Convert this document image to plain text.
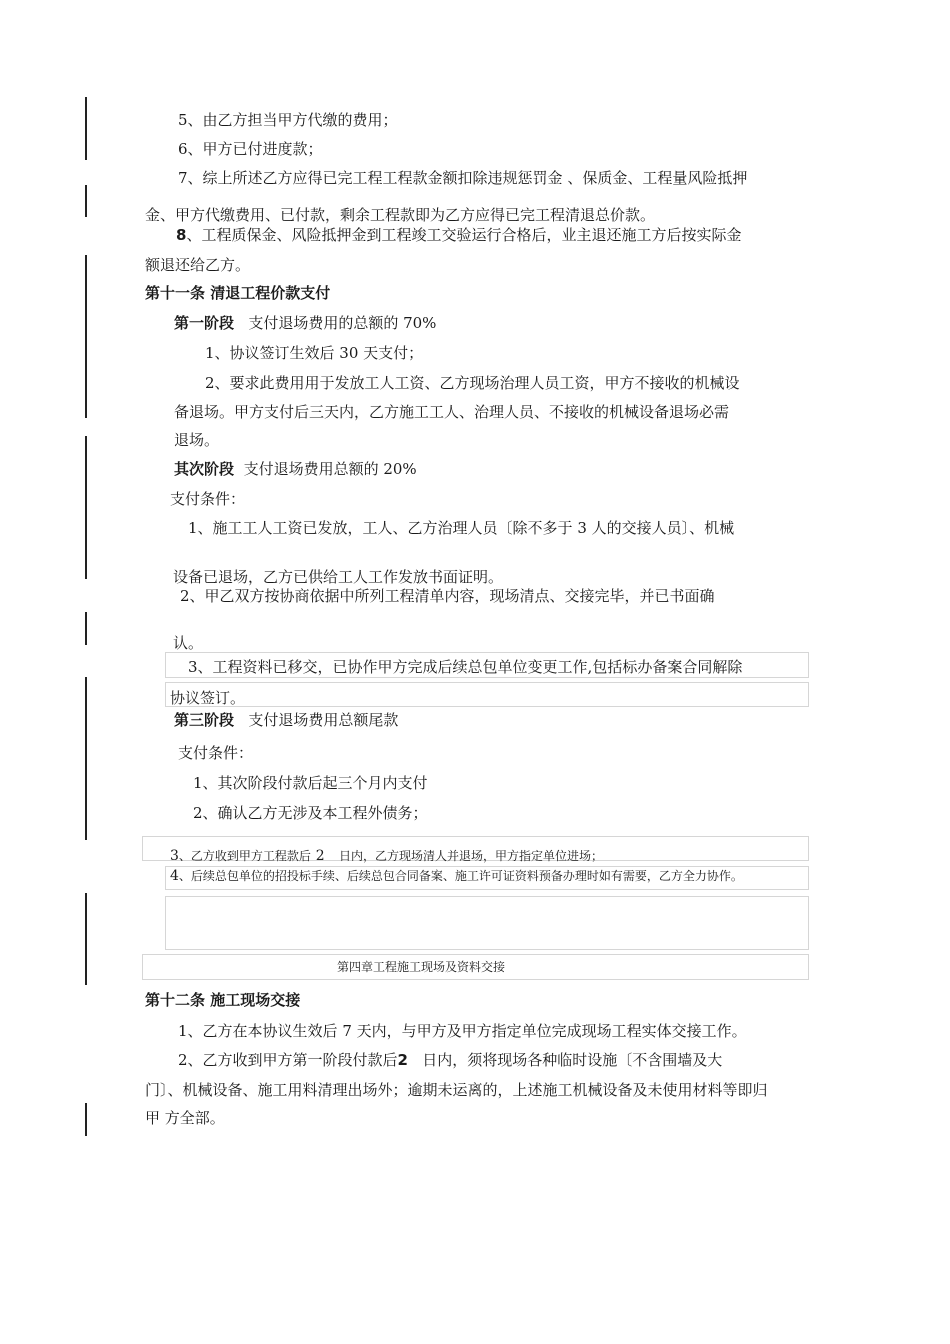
5、由乙方担当甲方代缴的费用；
6、甲方已付进度款；
7、综上所述乙方应得已完工程工程款金额扣除违规惩罚金 、保质金、工程量风险抵押
金、甲方代缴费用、已付款，剩余工程款即为乙方应得已完工程清退总价款。
8、工程质保金、风险抵押金到工程竣工交验运行合格后，业主退还施工方后按实际金
额退还给乙方。
第十一条 清退工程价款支付
第一阶段 支付退场费用的总额的 70%
1、协议签订生效后 30 天支付；
2、要求此费用用于发放工人工资、乙方现场治理人员工资，甲方不接收的机械设
备退场。甲方支付后三天内，乙方施工工人、治理人员、不接收的机械设备退场必需
退场。
其次阶段 支付退场费用总额的 20%
支付条件：
1、施工工人工资已发放，工人、乙方治理人员〔除不多于 3 人的交接人员〕、机械
设备已退场，乙方已供给工人工作发放书面证明。
2、甲乙双方按协商依据中所列工程清单内容，现场清点、交接完毕，并已书面确
认。
3、工程资料已移交，已协作甲方完成后续总包单位变更工作,包括标办备案合同解除
协议签订。
第三阶段 支付退场费用总额尾款
支付条件：
1、其次阶段付款后起三个月内支付
2、确认乙方无涉及本工程外债务；
3、乙方收到甲方工程款后 2 日内，乙方现场清人并退场，甲方指定单位进场；
4、后续总包单位的招投标手续、后续总包合同备案、施工许可证资料预备办理时如有需要，乙方全力协作。
第四章工程施工现场及资料交接
第十二条 施工现场交接
1、乙方在本协议生效后 7 天内，与甲方及甲方指定单位完成现场工程实体交接工作。
2、乙方收到甲方第一阶段付款后2 日内，须将现场各种临时设施〔不含围墙及大
门〕、机械设备、施工用料清理出场外；逾期未运离的，上述施工机械设备及未使用材料等即归
甲 方全部。
